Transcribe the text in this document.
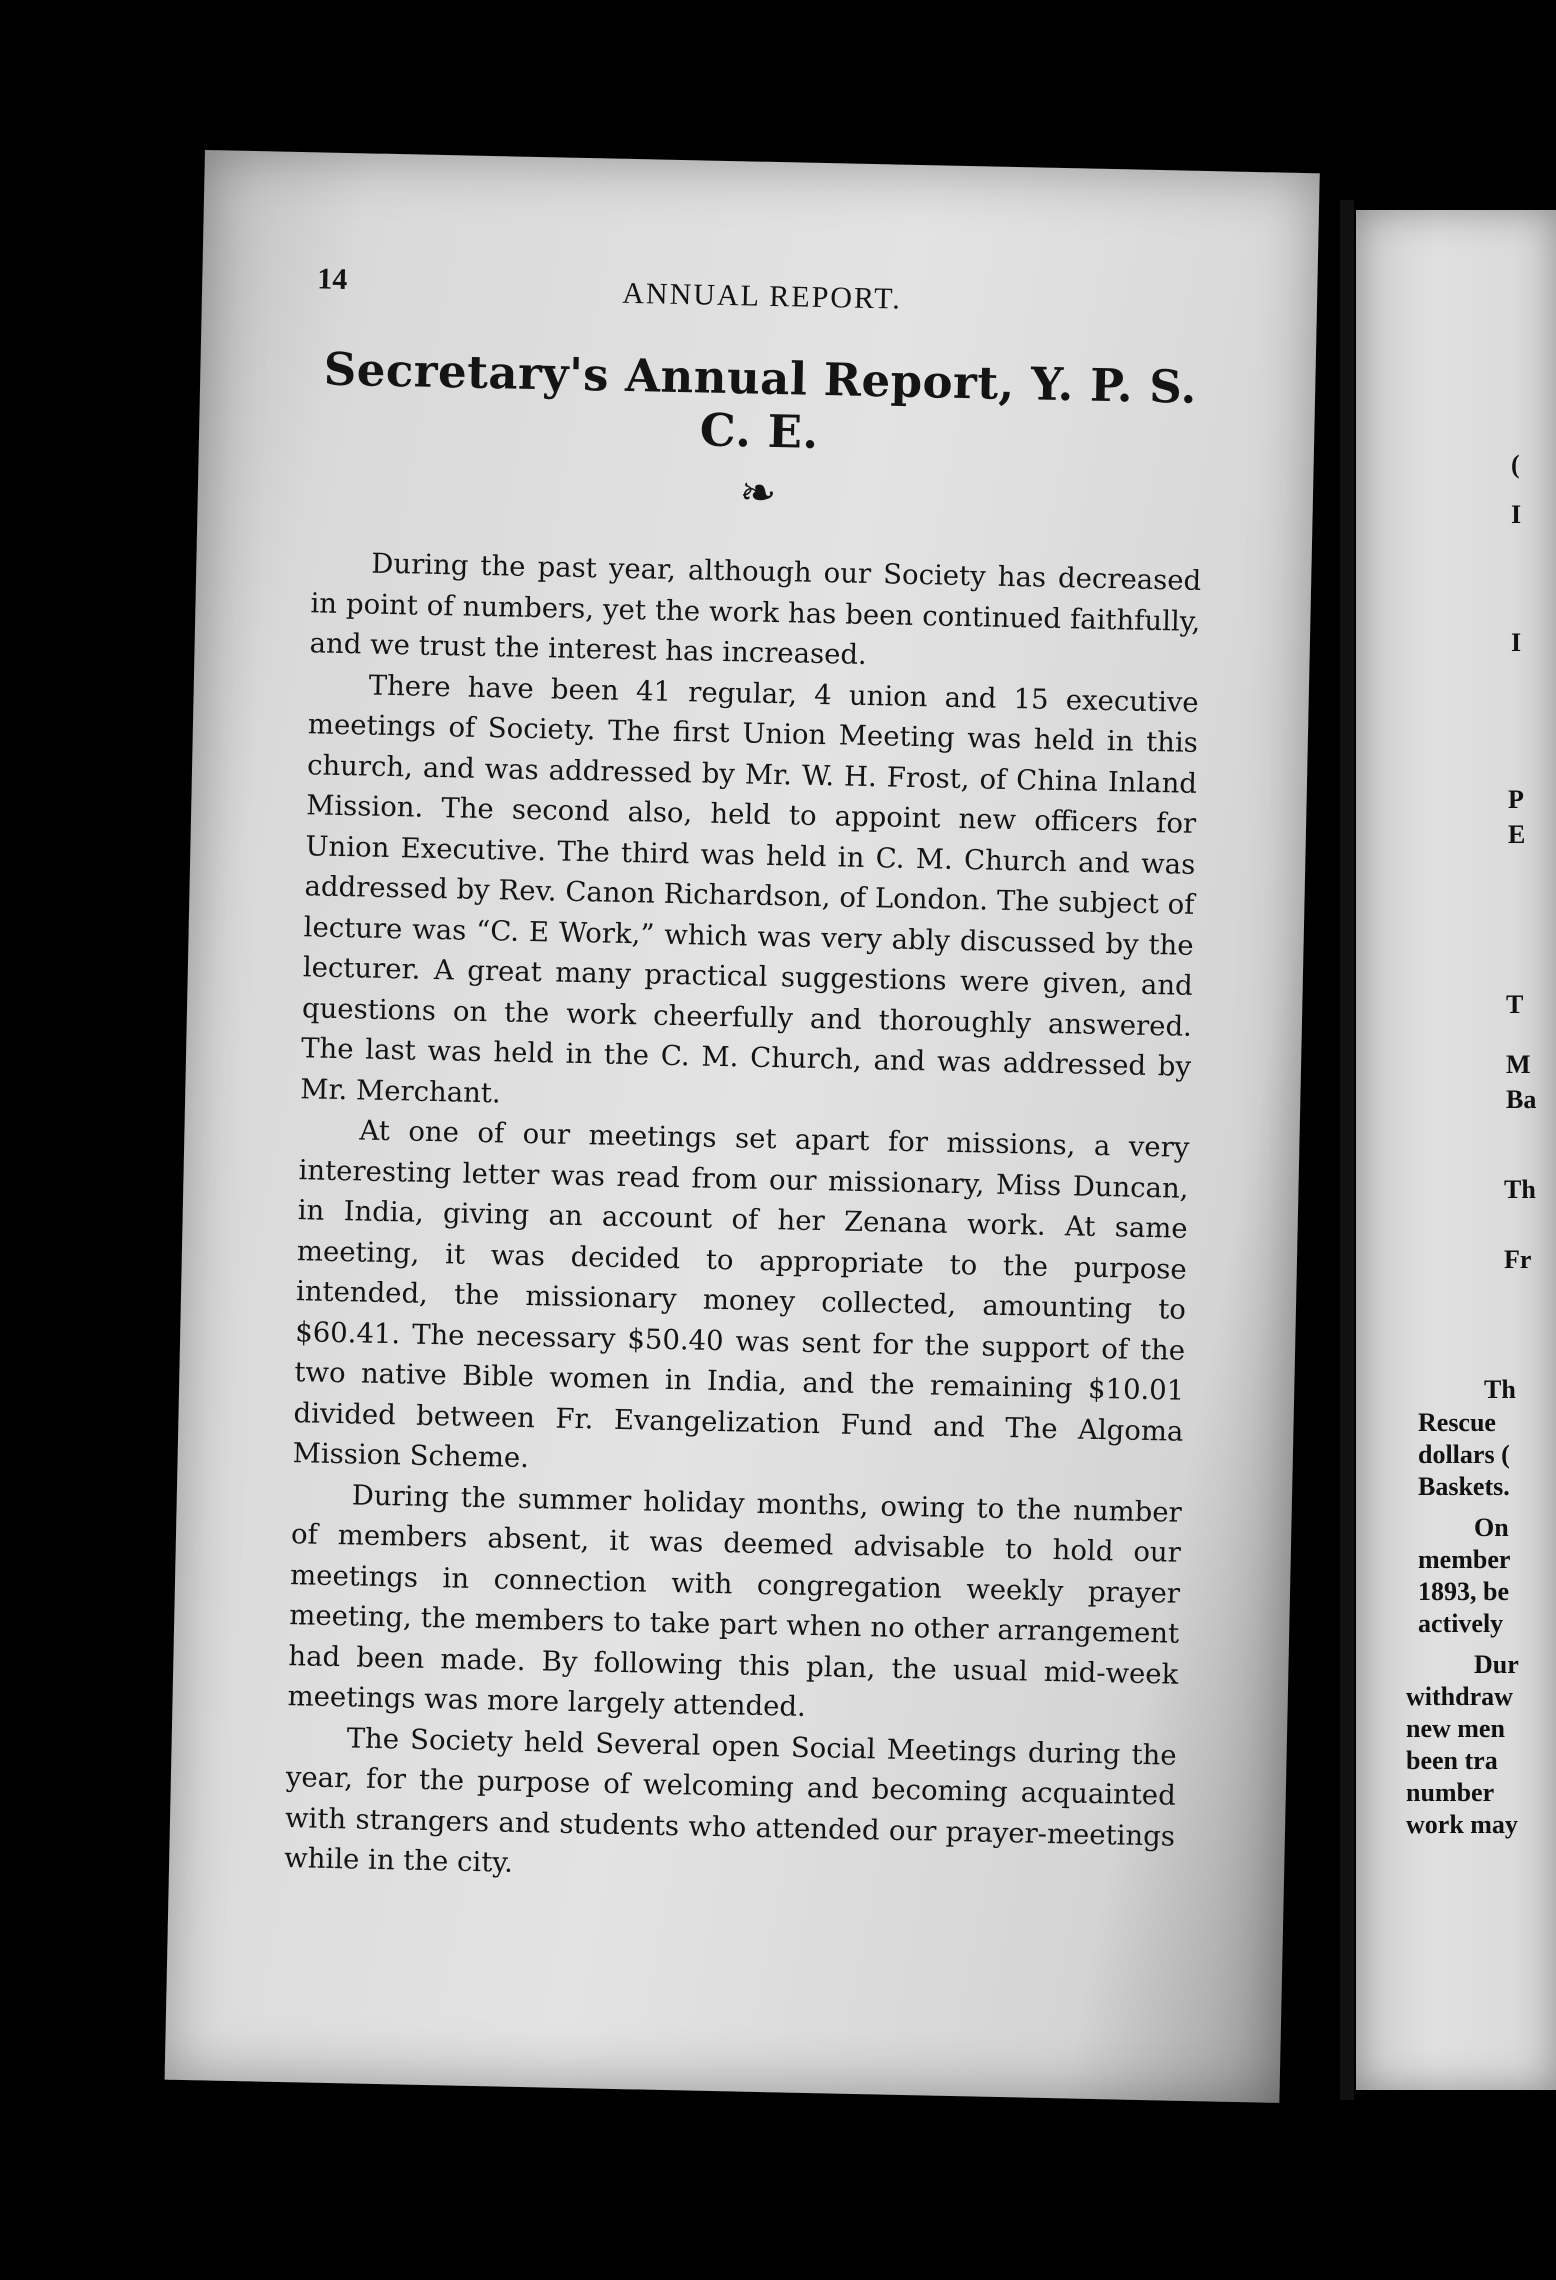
14	ANNUAL REPORT.
Secretary's Annual Report, Y. P. S. C. E.
❧

During the past year, although our Society has decreased in point of numbers, yet the work has been continued faithfully, and we trust the interest has increased.

There have been 41 regular, 4 union and 15 executive meetings of Society. The first Union Meeting was held in this church, and was addressed by Mr. W. H. Frost, of China Inland Mission. The second also, held to appoint new officers for Union Executive. The third was held in C. M. Church and was addressed by Rev. Canon Richardson, of London. The subject of lecture was “C. E Work,” which was very ably discussed by the lecturer. A great many practical suggestions were given, and questions on the work cheerfully and thoroughly answered. The last was held in the C. M. Church, and was addressed by Mr. Merchant.

At one of our meetings set apart for missions, a very interesting letter was read from our missionary, Miss Duncan, in India, giving an account of her Zenana work. At same meeting, it was decided to appropriate to the purpose intended, the missionary money collected, amounting to $60.41. The necessary $50.40 was sent for the support of the two native Bible women in India, and the remaining $10.01 divided between Fr. Evangelization Fund and The Algoma Mission Scheme.

During the summer holiday months, owing to the number of members absent, it was deemed advisable to hold our meetings in connection with congregation weekly prayer meeting, the members to take part when no other arrangement had been made. By following this plan, the usual mid-week meetings was more largely attended.

The Society held Several open Social Meetings during the year, for the purpose of welcoming and becoming acquainted with strangers and students who attended our prayer-meetings while in the city.

(
I
I
P
E
T
M
Ba
Th
Fr
Th
Rescue
dollars (
Baskets.
On
member
1893, be
actively
Dur
withdraw
new men
been tra
number
work may
